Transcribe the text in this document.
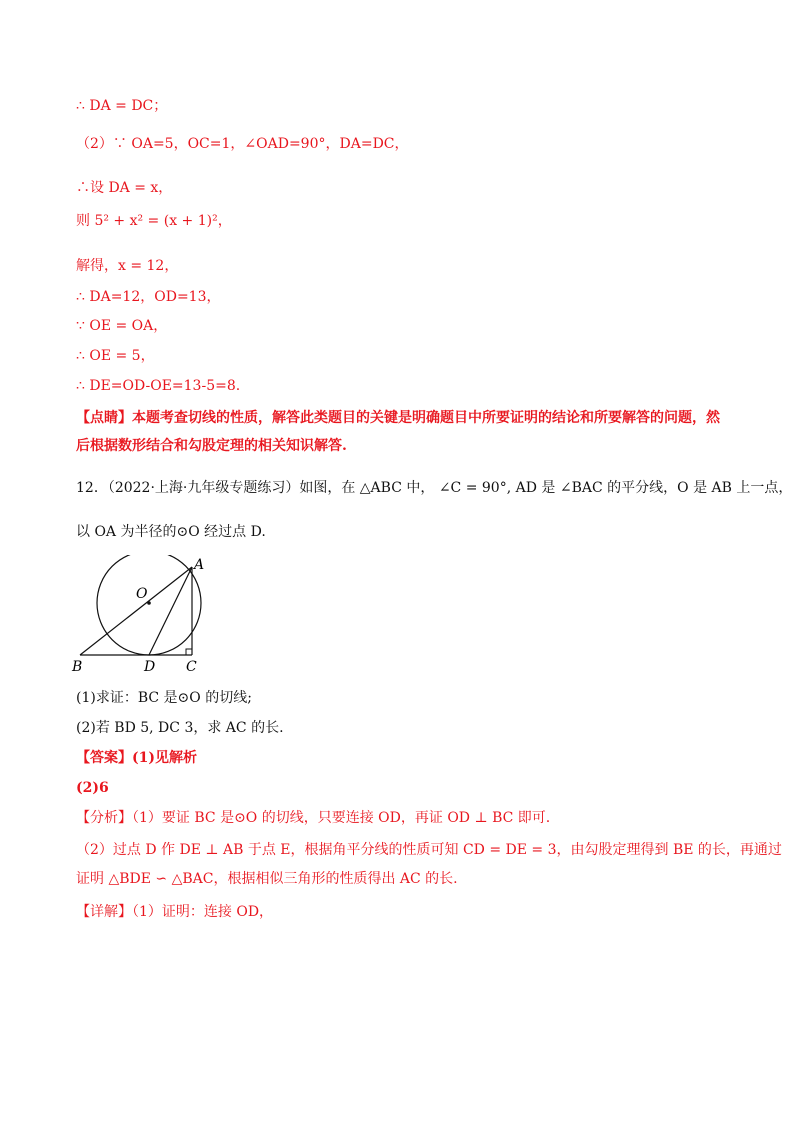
∴ DA = DC；
（2）∵ OA=5，OC=1，∠OAD=90°，DA=DC，
∴设 DA = x，
则 5² + x² = (x + 1)²，
解得，x = 12，
∴ DA=12，OD=13，
∵ OE = OA，
∴ OE = 5，
∴ DE=OD-OE=13-5=8.
【点睛】本题考查切线的性质，解答此类题目的关键是明确题目中所要证明的结论和所要解答的问题，然后根据数形结合和勾股定理的相关知识解答.
12．（2022·上海·九年级专题练习）如图，在 △ABC 中， ∠C = 90°, AD 是 ∠BAC 的平分线，O 是 AB 上一点，
以 OA 为半径的⊙O 经过点 D.
O
A
B	D C
(1)求证：BC 是⊙O 的切线;
(2)若 BD 5, DC 3，求 AC 的长.
【答案】(1)见解析
(2)6
【分析】（1）要证 BC 是⊙O 的切线，只要连接 OD，再证 OD ⊥ BC 即可.
（2）过点 D 作 DE ⊥ AB 于点 E，根据角平分线的性质可知 CD = DE = 3，由勾股定理得到 BE 的长，再通过
证明 △BDE ∽ △BAC，根据相似三角形的性质得出 AC 的长.
【详解】（1）证明：连接 OD，
